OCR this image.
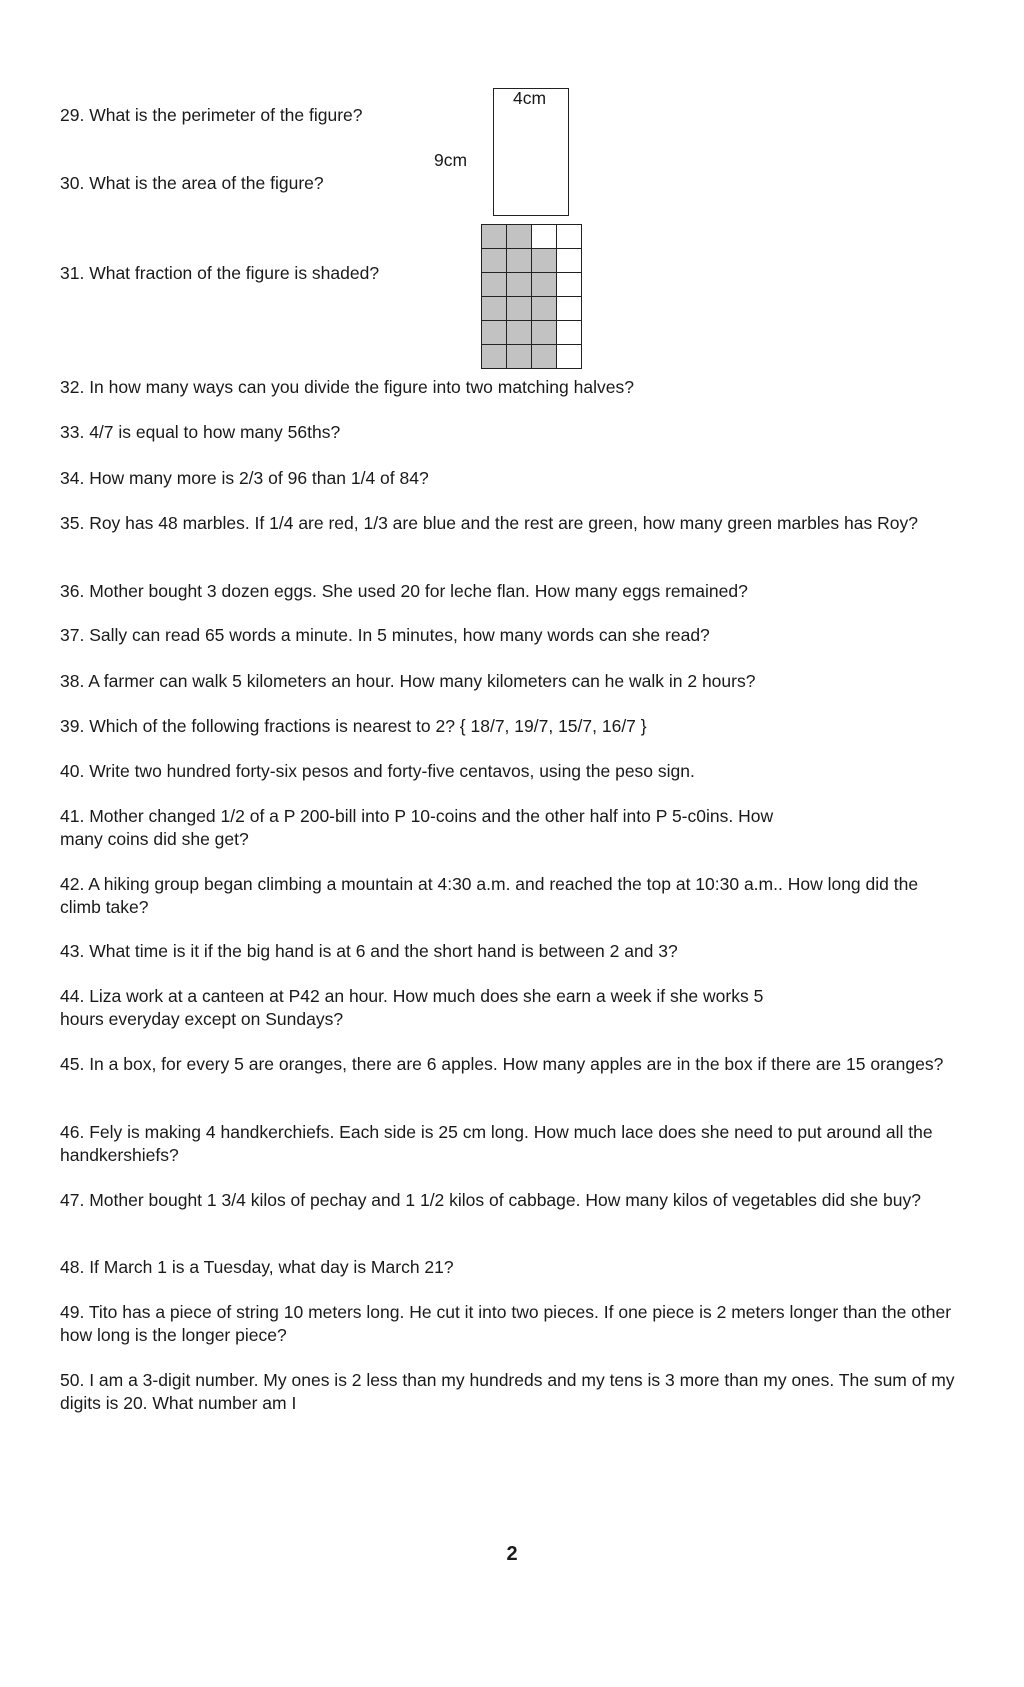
29. What is the perimeter of the figure?
30. What is the area of the figure?
31. What fraction of the figure is shaded?
4cm
9cm
32. In how many ways can you divide the figure into two matching halves?
33. 4/7 is equal to how many 56ths?
34. How many more is 2/3 of 96 than 1/4 of 84?
35. Roy has 48 marbles. If 1/4 are red, 1/3 are blue and the rest are green, how many green marbles has Roy?
36. Mother bought 3 dozen eggs. She used 20 for leche flan. How many eggs remained?
37. Sally can read 65 words a minute. In 5 minutes, how many words can she read?
38. A farmer can walk 5 kilometers an hour. How many kilometers can he walk in 2 hours?
39. Which of the following fractions is nearest to 2? { 18/7, 19/7, 15/7, 16/7 }
40. Write two hundred forty-six pesos and forty-five centavos, using the peso sign.
41. Mother changed 1/2 of a P 200-bill into P 10-coins and the other half into P 5-c0ins. How
many coins did she get?
42. A hiking group began climbing a mountain at 4:30 a.m. and reached the top at 10:30 a.m.. How long did the climb take?
43. What time is it if the big hand is at 6 and the short hand is between 2 and 3?
44. Liza work at a canteen at P42 an hour. How much does she earn a week if she works 5
hours everyday except on Sundays?
45. In a box, for every 5 are oranges, there are 6 apples. How many apples are in the box if there are 15 oranges?
46. Fely is making 4 handkerchiefs. Each side is 25 cm long. How much lace does she need to put around all the handkershiefs?
47. Mother bought 1 3/4 kilos of pechay and 1 1/2 kilos of cabbage. How many kilos of vegetables did she buy?
48. If March 1 is a Tuesday, what day is March 21?
49. Tito has a piece of string 10 meters long. He cut it into two pieces. If one piece is 2 meters longer than the other how long is the longer piece?
50. I am a 3-digit number. My ones is 2 less than my hundreds and my tens is 3 more than my ones. The sum of my digits is 20. What number am I
2
